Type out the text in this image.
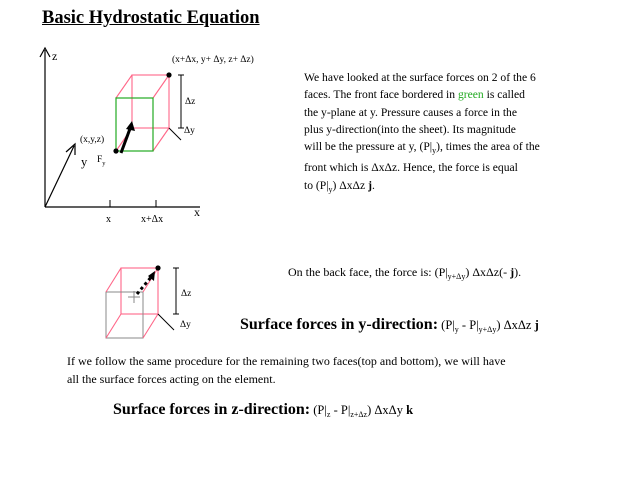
Basic Hydrostatic Equation
z
x
y
(x+Δx, y+ Δy, z+ Δz)
(x,y,z)
Δz
Δy
$F_y$
x	x+Δx
Δz
Δy
We have looked at the surface forces on 2 of the 6
faces. The front face bordered in green is called
the y-plane at y. Pressure causes a force in the
plus y-direction(into the sheet). Its magnitude
will be the pressure at y, $(P|_y)$, times the area of the
front which is ΔxΔz. Hence, the force is equal
to $(P|_y)$ ΔxΔz j.
On the back face, the force is: $(P|_{y+\Delta y})$ ΔxΔz(- j).
Surface forces in y-direction: $(P|_y - P|_{y+\Delta y})$ ΔxΔz j
If we follow the same procedure for the remaining two faces(top and bottom), we will have
all the surface forces acting on the element.
Surface forces in z-direction: $(P|_z - P|_{z+\Delta z})$ ΔxΔy k
